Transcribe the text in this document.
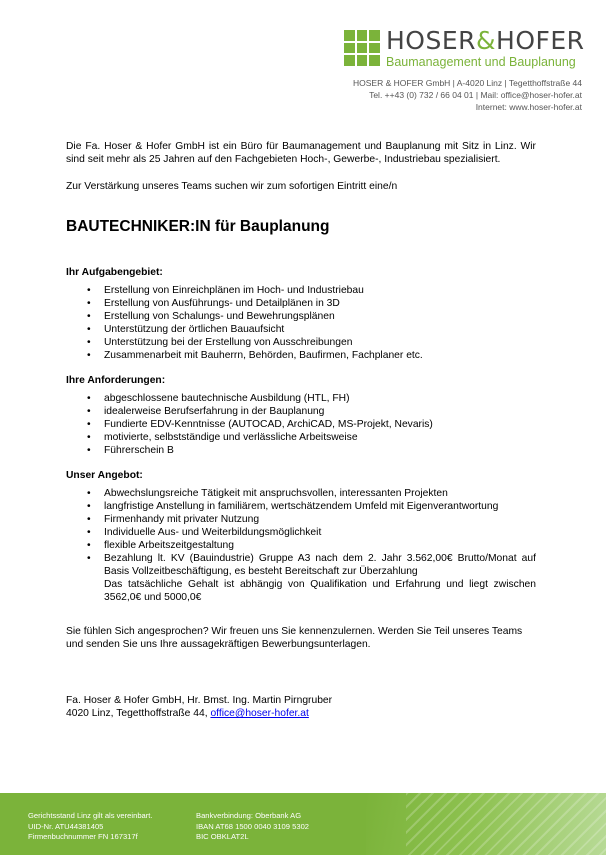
HOSER&HOFER
Baumanagement und Bauplanung
HOSER & HOFER GmbH | A-4020 Linz | Tegetthoffstraße 44
Tel. ++43 (0) 732 / 66 04 01 | Mail: office@hoser-hofer.at
Internet: www.hoser-hofer.at

Die Fa. Hoser & Hofer GmbH ist ein Büro für Baumanagement und Bauplanung mit Sitz in Linz. Wir sind seit mehr als 25 Jahren auf den Fachgebieten Hoch-, Gewerbe-, Industriebau spezialisiert.

Zur Verstärkung unseres Teams suchen wir zum sofortigen Eintritt eine/n

BAUTECHNIKER:IN für Bauplanung
Ihr Aufgabengebiet:
• Erstellung von Einreichplänen im Hoch- und Industriebau
• Erstellung von Ausführungs- und Detailplänen in 3D
• Erstellung von Schalungs- und Bewehrungsplänen
• Unterstützung der örtlichen Bauaufsicht
• Unterstützung bei der Erstellung von Ausschreibungen
• Zusammenarbeit mit Bauherrn, Behörden, Baufirmen, Fachplaner etc.
Ihre Anforderungen:
• abgeschlossene bautechnische Ausbildung (HTL, FH)
• idealerweise Berufserfahrung in der Bauplanung
• Fundierte EDV-Kenntnisse (AUTOCAD, ArchiCAD, MS-Projekt, Nevaris)
• motivierte, selbstständige und verlässliche Arbeitsweise
• Führerschein B
Unser Angebot:
• Abwechslungsreiche Tätigkeit mit anspruchsvollen, interessanten Projekten
• langfristige Anstellung in familiärem, wertschätzendem Umfeld mit Eigenverantwortung
• Firmenhandy mit privater Nutzung
• Individuelle Aus- und Weiterbildungsmöglichkeit
• flexible Arbeitszeitgestaltung
• Bezahlung lt. KV (Bauindustrie) Gruppe A3 nach dem 2. Jahr 3.562,00€ Brutto/Monat auf Basis Vollzeitbeschäftigung, es besteht Bereitschaft zur Überzahlung
Das tatsächliche Gehalt ist abhängig von Qualifikation und Erfahrung und liegt zwischen 3562,0€ und 5000,0€

Sie fühlen Sich angesprochen? Wir freuen uns Sie kennenzulernen. Werden Sie Teil unseres Teams und senden Sie uns Ihre aussagekräftigen Bewerbungsunterlagen.

Fa. Hoser & Hofer GmbH, Hr. Bmst. Ing. Martin Pirngruber
4020 Linz, Tegetthoffstraße 44, office@hoser-hofer.at
Gerichtsstand Linz gilt als vereinbart.
UID-Nr. ATU44381405
Firmenbuchnummer FN 167317f
Bankverbindung: Oberbank AG
IBAN AT68 1500 0040 3109 5302
BIC OBKLAT2L
